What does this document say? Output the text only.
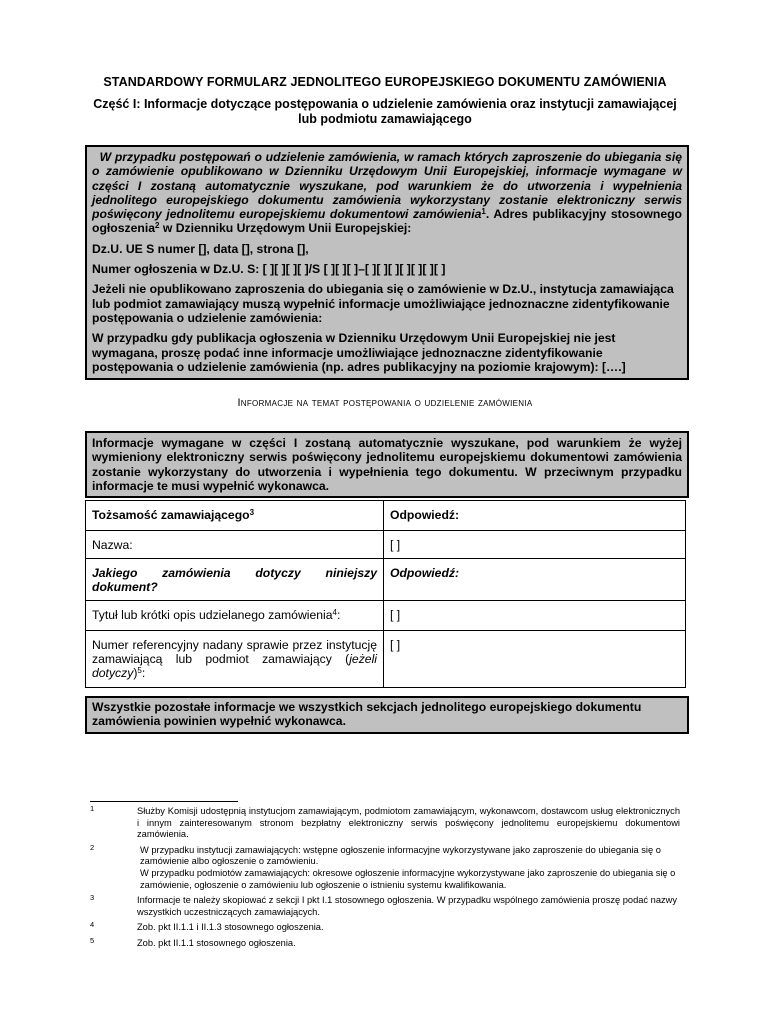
STANDARDOWY FORMULARZ JEDNOLITEGO EUROPEJSKIEGO DOKUMENTU ZAMÓWIENIA
Część I: Informacje dotyczące postępowania o udzielenie zamówienia oraz instytucji zamawiającej lub podmiotu zamawiającego

W przypadku postępowań o udzielenie zamówienia, w ramach których zaproszenie do ubiegania się o zamówienie opublikowano w Dzienniku Urzędowym Unii Europejskiej, informacje wymagane w części I zostaną automatycznie wyszukane, pod warunkiem że do utworzenia i wypełnienia jednolitego europejskiego dokumentu zamówienia wykorzystany zostanie elektroniczny serwis poświęcony jednolitemu europejskiemu dokumentowi zamówienia$^1$. Adres publikacyjny stosownego ogłoszenia$^2$ w Dzienniku Urzędowym Unii Europejskiej:

Dz.U. UE S numer [], data [], strona [],

Numer ogłoszenia w Dz.U. S: [ ][ ][ ][ ]/S [ ][ ][ ]–[ ][ ][ ][ ][ ][ ][ ]

Jeżeli nie opublikowano zaproszenia do ubiegania się o zamówienie w Dz.U., instytucja zamawiająca lub podmiot zamawiający muszą wypełnić informacje umożliwiające jednoznaczne zidentyfikowanie postępowania o udzielenie zamówienia:

W przypadku gdy publikacja ogłoszenia w Dzienniku Urzędowym Unii Europejskiej nie jest wymagana, proszę podać inne informacje umożliwiające jednoznaczne zidentyfikowanie postępowania o udzielenie zamówienia (np. adres publikacyjny na poziomie krajowym): [….]

Informacje na temat postępowania o udzielenie zamówienia
Informacje wymagane w części I zostaną automatycznie wyszukane, pod warunkiem że wyżej wymieniony elektroniczny serwis poświęcony jednolitemu europejskiemu dokumentowi zamówienia zostanie wykorzystany do utworzenia i wypełnienia tego dokumentu. W przeciwnym przypadku informacje te musi wypełnić wykonawca.
Tożsamość zamawiającego$^3$	Odpowiedź:
Nazwa:	[ ]
Jakiego zamówienia dotyczy niniejszy dokument?	Odpowiedź:
Tytuł lub krótki opis udzielanego zamówienia$^4$:	[ ]
Numer referencyjny nadany sprawie przez instytucję zamawiającą lub podmiot zamawiający (jeżeli dotyczy)$^5$:	[ ]
Wszystkie pozostałe informacje we wszystkich sekcjach jednolitego europejskiego dokumentu zamówienia powinien wypełnić wykonawca.
1	Służby Komisji udostępnią instytucjom zamawiającym, podmiotom zamawiającym, wykonawcom, dostawcom usług elektronicznych i innym zainteresowanym stronom bezpłatny elektroniczny serwis poświęcony jednolitemu europejskiemu dokumentowi zamówienia.
2	W przypadku instytucji zamawiających: wstępne ogłoszenie informacyjne wykorzystywane jako zaproszenie do ubiegania się o zamówienie albo ogłoszenie o zamówieniu.
W przypadku podmiotów zamawiających: okresowe ogłoszenie informacyjne wykorzystywane jako zaproszenie do ubiegania się o zamówienie, ogłoszenie o zamówieniu lub ogłoszenie o istnieniu systemu kwalifikowania.
3	Informacje te należy skopiować z sekcji I pkt I.1 stosownego ogłoszenia. W przypadku wspólnego zamówienia proszę podać nazwy wszystkich uczestniczących zamawiających.
4	Zob. pkt II.1.1 i II.1.3 stosownego ogłoszenia.
5	Zob. pkt II.1.1 stosownego ogłoszenia.
